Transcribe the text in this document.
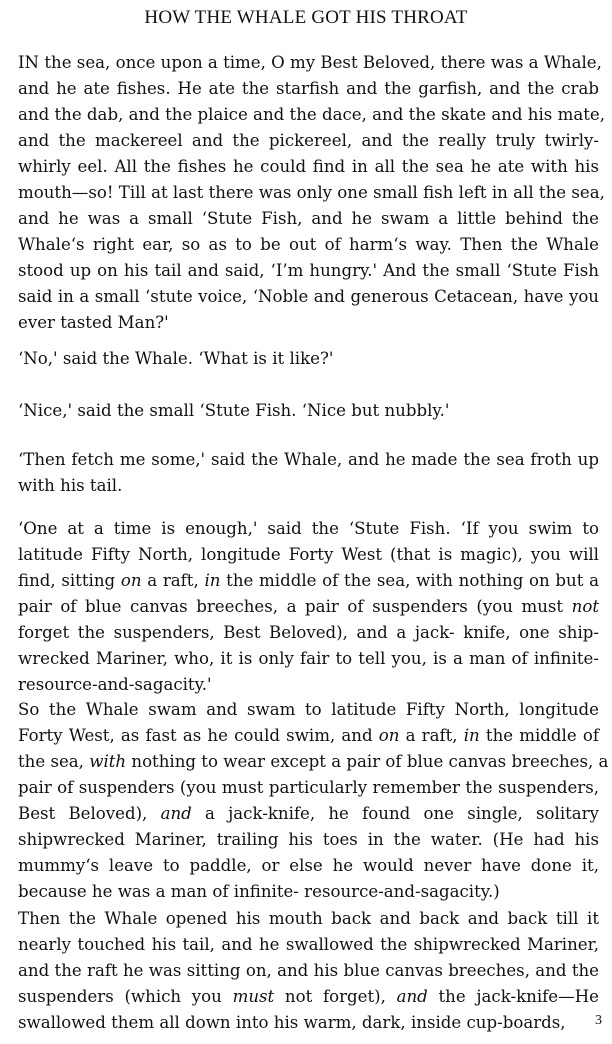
HOW THE WHALE GOT HIS THROAT
IN the sea, once upon a time, O my Best Beloved, there was a Whale,
and he ate fishes. He ate the starfish and the garfish, and the crab
and the dab, and the plaice and the dace, and the skate and his mate,
and the mackereel and the pickereel, and the really truly twirly-
whirly eel. All the fishes he could find in all the sea he ate with his
mouth—so! Till at last there was only one small fish left in all the sea,
and he was a small ‘Stute Fish, and he swam a little behind the
Whale‘s right ear, so as to be out of harm‘s way. Then the Whale
stood up on his tail and said, ‘I’m hungry.' And the small ‘Stute Fish
said in a small ‘stute voice, ‘Noble and generous Cetacean, have you
ever tasted Man?'
‘No,' said the Whale. ‘What is it like?'
‘Nice,' said the small ‘Stute Fish. ‘Nice but nubbly.'
‘Then fetch me some,' said the Whale, and he made the sea froth up
with his tail.
‘One at a time is enough,' said the ‘Stute Fish. ‘If you swim to
latitude Fifty North, longitude Forty West (that is magic), you will
find, sitting on a raft, in the middle of the sea, with nothing on but a
pair of blue canvas breeches, a pair of suspenders (you must not
forget the suspenders, Best Beloved), and a jack- knife, one ship-
wrecked Mariner, who, it is only fair to tell you, is a man of infinite-
resource-and-sagacity.'
So the Whale swam and swam to latitude Fifty North, longitude
Forty West, as fast as he could swim, and on a raft, in the middle of
the sea, with nothing to wear except a pair of blue canvas breeches, a
pair of suspenders (you must particularly remember the suspenders,
Best Beloved), and a jack-knife, he found one single, solitary
shipwrecked Mariner, trailing his toes in the water. (He had his
mummy‘s leave to paddle, or else he would never have done it,
because he was a man of infinite- resource-and-sagacity.)
Then the Whale opened his mouth back and back and back till it
nearly touched his tail, and he swallowed the shipwrecked Mariner,
and the raft he was sitting on, and his blue canvas breeches, and the
suspenders (which you must not forget), and the jack-knife—He
swallowed them all down into his warm, dark, inside cup-boards,	3
